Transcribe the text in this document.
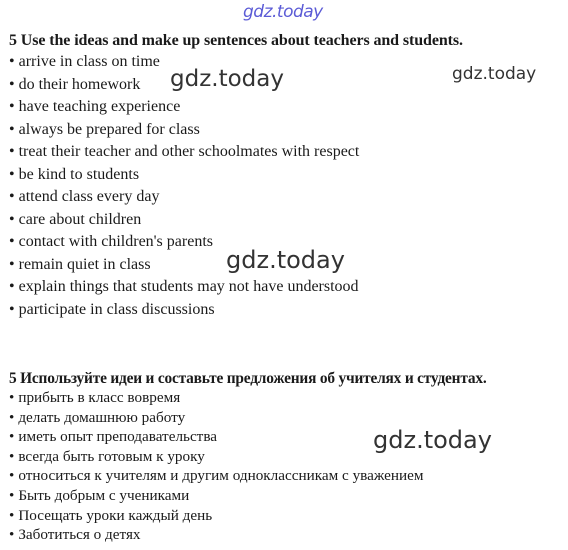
gdz.today
5 Use the ideas and make up sentences about teachers and students.
• arrive in class on time
• do their homework
• have teaching experience
• always be prepared for class
• treat their teacher and other schoolmates with respect
• be kind to students
• attend class every day
• care about children
• contact with children's parents
• remain quiet in class
• explain things that students may not have understood
• participate in class discussions
5 Используйте идеи и составьте предложения об учителях и студентах.
• прибыть в класс вовремя
• делать домашнюю работу
• иметь опыт преподавательства
• всегда быть готовым к уроку
• относиться к учителям и другим одноклассникам с уважением
• Быть добрым с учениками
• Посещать уроки каждый день
• Заботиться о детях
gdz.today	gdz.today
gdz.today
gdz.today
